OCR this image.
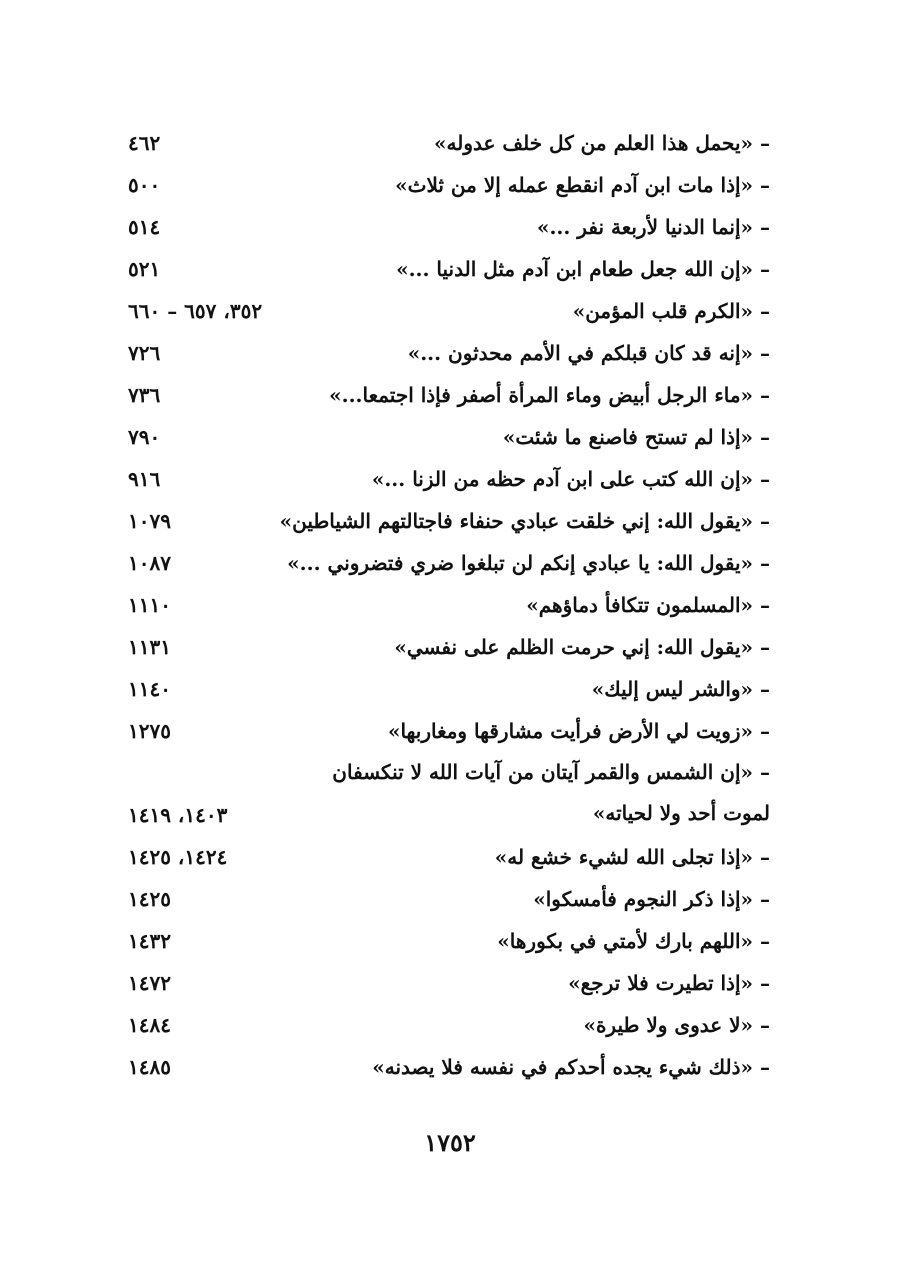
– «يحمل هذا العلم من كل خلف عدوله»
٤٦٢
– «إذا مات ابن آدم انقطع عمله إلا من ثلاث»
٥٠٠
– «إنما الدنيا لأربعة نفر ...»
٥١٤
– «إن الله جعل طعام ابن آدم مثل الدنيا ...»
٥٢١
– «الكرم قلب المؤمن»
٣٥٢، ٦٥٧ – ٦٦٠
– «إنه قد كان قبلكم في الأمم محدثون ...»
٧٢٦
– «ماء الرجل أبيض وماء المرأة أصفر فإذا اجتمعا...»
٧٣٦
– «إذا لم تستح فاصنع ما شئت»
٧٩٠
– «إن الله كتب على ابن آدم حظه من الزنا ...»
٩١٦
– «يقول الله: إني خلقت عبادي حنفاء فاجتالتهم الشياطين»
١٠٧٩
– «يقول الله: يا عبادي إنكم لن تبلغوا ضري فتضروني ...»
١٠٨٧
– «المسلمون تتكافأ دماؤهم»
١١١٠
– «يقول الله: إني حرمت الظلم على نفسي»
١١٣١
– «والشر ليس إليك»
١١٤٠
– «زويت لي الأرض فرأيت مشارقها ومغاربها»
١٢٧٥
– «إن الشمس والقمر آيتان من آيات الله لا تنكسفان لموت أحد ولا لحياته»
١٤٠٣، ١٤١٩
– «إذا تجلى الله لشيء خشع له»
١٤٢٤، ١٤٢٥
– «إذا ذكر النجوم فأمسكوا»
١٤٢٥
– «اللهم بارك لأمتي في بكورها»
١٤٣٢
– «إذا تطيرت فلا ترجع»
١٤٧٢
– «لا عدوى ولا طيرة»
١٤٨٤
– «ذلك شيء يجده أحدكم في نفسه فلا يصدنه»
١٤٨٥
١٧٥٢
